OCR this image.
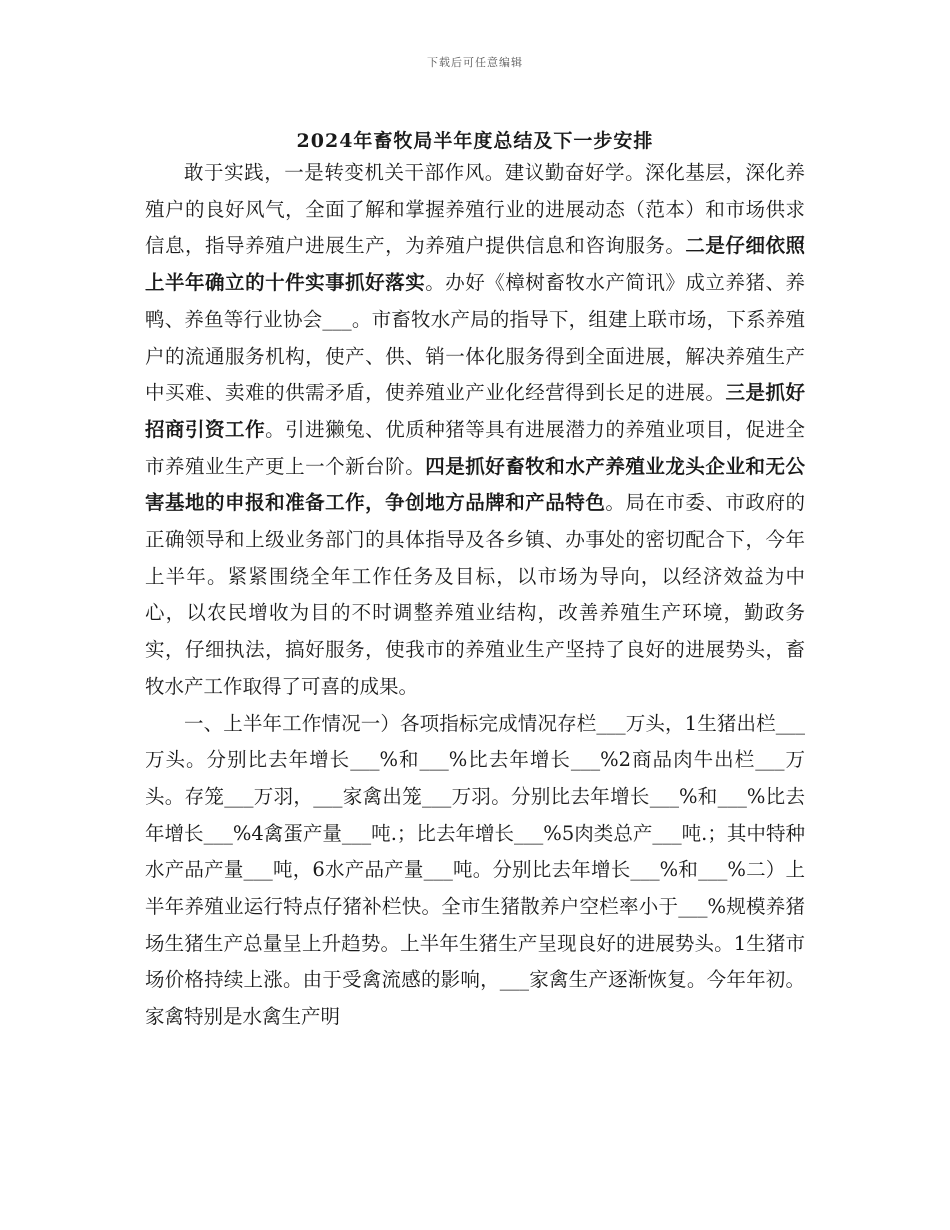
下载后可任意编辑
2024年畜牧局半年度总结及下一步安排

敢于实践，一是转变机关干部作风。建议勤奋好学。深化基层，深化养殖户的良好风气，全面了解和掌握养殖行业的进展动态（范本）和市场供求信息，指导养殖户进展生产，为养殖户提供信息和咨询服务。二是仔细依照上半年确立的十件实事抓好落实。办好《樟树畜牧水产简讯》成立养猪、养鸭、养鱼等行业协会___。市畜牧水产局的指导下，组建上联市场，下系养殖户的流通服务机构，使产、供、销一体化服务得到全面进展，解决养殖生产中买难、卖难的供需矛盾，使养殖业产业化经营得到长足的进展。三是抓好招商引资工作。引进獭兔、优质种猪等具有进展潜力的养殖业项目，促进全市养殖业生产更上一个新台阶。四是抓好畜牧和水产养殖业龙头企业和无公害基地的申报和准备工作，争创地方品牌和产品特色。局在市委、市政府的正确领导和上级业务部门的具体指导及各乡镇、办事处的密切配合下，今年上半年。紧紧围绕全年工作任务及目标，以市场为导向，以经济效益为中心，以农民增收为目的不时调整养殖业结构，改善养殖生产环境，勤政务实，仔细执法，搞好服务，使我市的养殖业生产坚持了良好的进展势头，畜牧水产工作取得了可喜的成果。

一、上半年工作情况一）各项指标完成情况存栏___万头，1生猪出栏___万头。分别比去年增长___%和___%比去年增长___%2商品肉牛出栏___万头。存笼___万羽，___家禽出笼___万羽。分别比去年增长___%和___%比去年增长___%4禽蛋产量___吨.；比去年增长___%5肉类总产___吨.；其中特种水产品产量___吨，6水产品产量___吨。分别比去年增长___%和___%二）上半年养殖业运行特点仔猪补栏快。全市生猪散养户空栏率小于___%规模养猪场生猪生产总量呈上升趋势。上半年生猪生产呈现良好的进展势头。1生猪市场价格持续上涨。由于受禽流感的影响，___家禽生产逐渐恢复。今年年初。家禽特别是水禽生产明
